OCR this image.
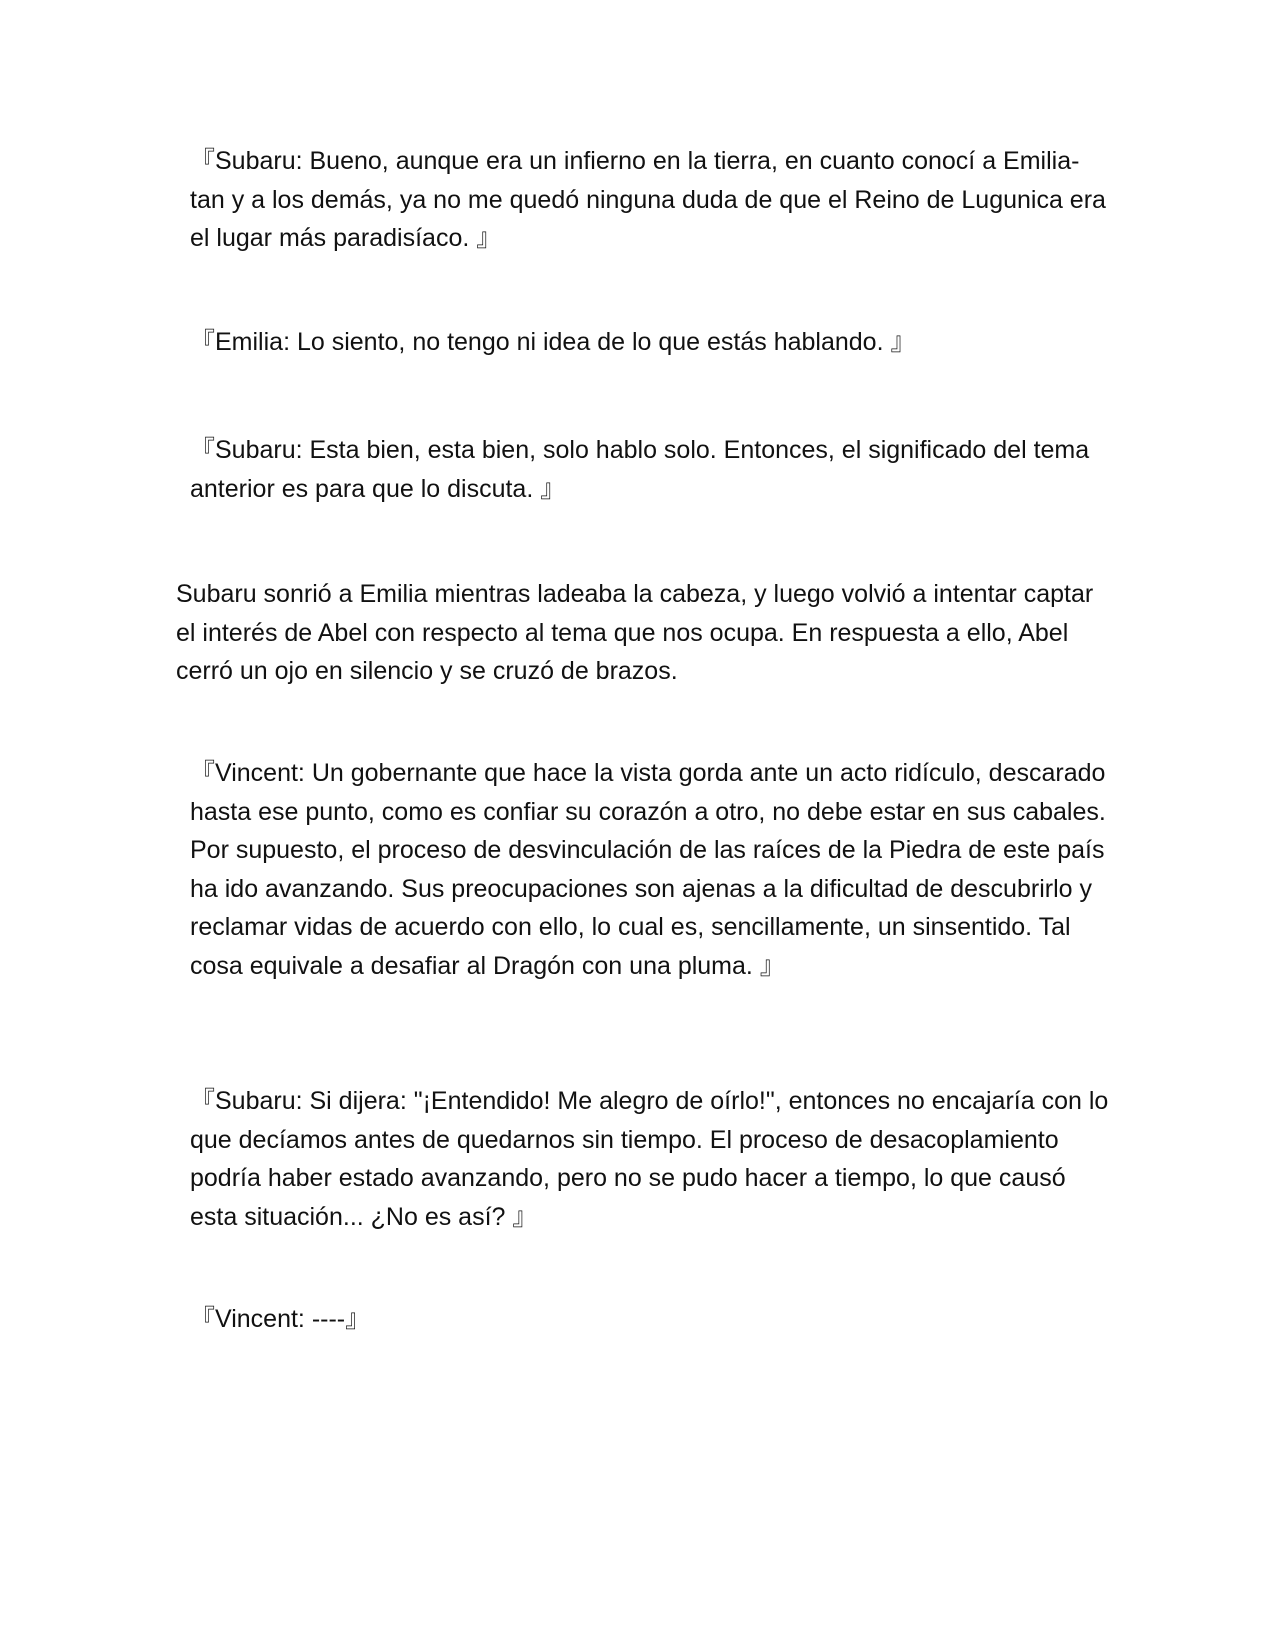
『Subaru: Bueno, aunque era un infierno en la tierra, en cuanto conocí a Emilia-tan y a los demás, ya no me quedó ninguna duda de que el Reino de Lugunica era el lugar más paradisíaco. 』

『Emilia: Lo siento, no tengo ni idea de lo que estás hablando. 』

『Subaru: Esta bien, esta bien, solo hablo solo. Entonces, el significado del tema anterior es para que lo discuta. 』

Subaru sonrió a Emilia mientras ladeaba la cabeza, y luego volvió a intentar captar el interés de Abel con respecto al tema que nos ocupa. En respuesta a ello, Abel cerró un ojo en silencio y se cruzó de brazos.

『Vincent: Un gobernante que hace la vista gorda ante un acto ridículo, descarado hasta ese punto, como es confiar su corazón a otro, no debe estar en sus cabales. Por supuesto, el proceso de desvinculación de las raíces de la Piedra de este país ha ido avanzando. Sus preocupaciones son ajenas a la dificultad de descubrirlo y reclamar vidas de acuerdo con ello, lo cual es, sencillamente, un sinsentido. Tal cosa equivale a desafiar al Dragón con una pluma. 』

『Subaru: Si dijera: "¡Entendido! Me alegro de oírlo!", entonces no encajaría con lo que decíamos antes de quedarnos sin tiempo. El proceso de desacoplamiento podría haber estado avanzando, pero no se pudo hacer a tiempo, lo que causó esta situación... ¿No es así? 』

『Vincent: ----』
